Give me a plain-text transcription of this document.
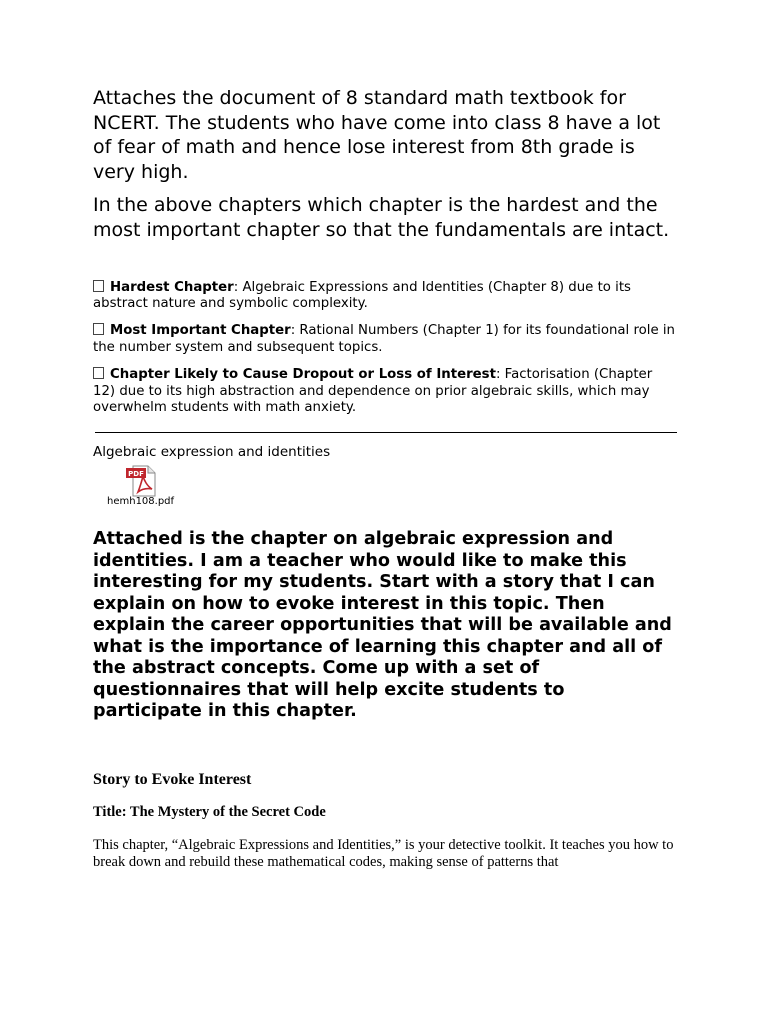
Attaches the document of 8 standard math textbook for NCERT. The students who have come into class 8 have a lot of fear of math and hence lose interest from 8th grade is very high.

In the above chapters which chapter is the hardest and the most important chapter so that the fundamentals are intact.

Hardest Chapter: Algebraic Expressions and Identities (Chapter 8) due to its abstract nature and symbolic complexity.
Most Important Chapter: Rational Numbers (Chapter 1) for its foundational role in the number system and subsequent topics.
Chapter Likely to Cause Dropout or Loss of Interest: Factorisation (Chapter 12) due to its high abstraction and dependence on prior algebraic skills, which may overwhelm students with math anxiety.
Algebraic expression and identities
PDF
hemh108.pdf
Attached is the chapter on algebraic expression and identities. I am a teacher who would like to make this interesting for my students. Start with a story that I can explain on how to evoke interest in this topic. Then explain the career opportunities that will be available and what is the importance of learning this chapter and all of the abstract concepts. Come up with a set of questionnaires that will help excite students to participate in this chapter.
Story to Evoke Interest
Title: The Mystery of the Secret Code
This chapter, “Algebraic Expressions and Identities,” is your detective toolkit. It teaches you how to break down and rebuild these mathematical codes, making sense of patterns that
